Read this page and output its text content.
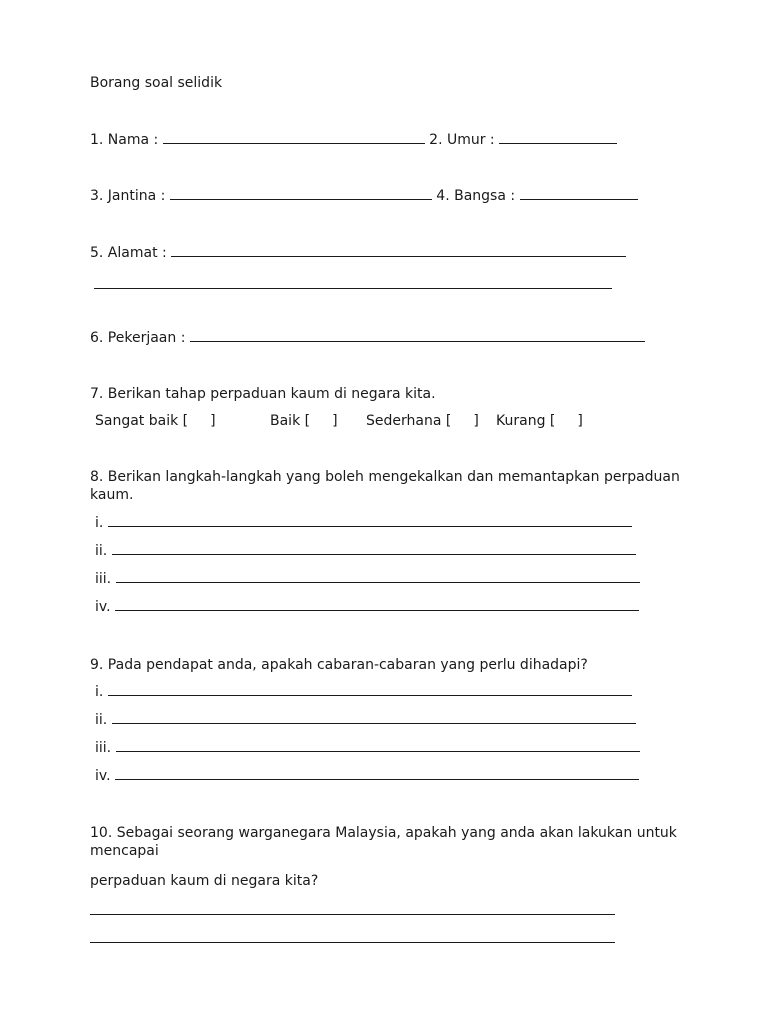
Borang soal selidik
1. Nama :	2. Umur :
3. Jantina :	4. Bangsa :
5. Alamat :
6. Pekerjaan :
7. Berikan tahap perpaduan kaum di negara kita.
Sangat baik [ ]	Baik [ ] Sederhana [ ] Kurang [ ]
8. Berikan langkah-langkah yang boleh mengekalkan dan memantapkan perpaduan kaum.
i.
ii.
iii.
iv.
9. Pada pendapat anda, apakah cabaran-cabaran yang perlu dihadapi?
i.
ii.
iii.
iv.
10. Sebagai seorang warganegara Malaysia, apakah yang anda akan lakukan untuk mencapai
perpaduan kaum di negara kita?
